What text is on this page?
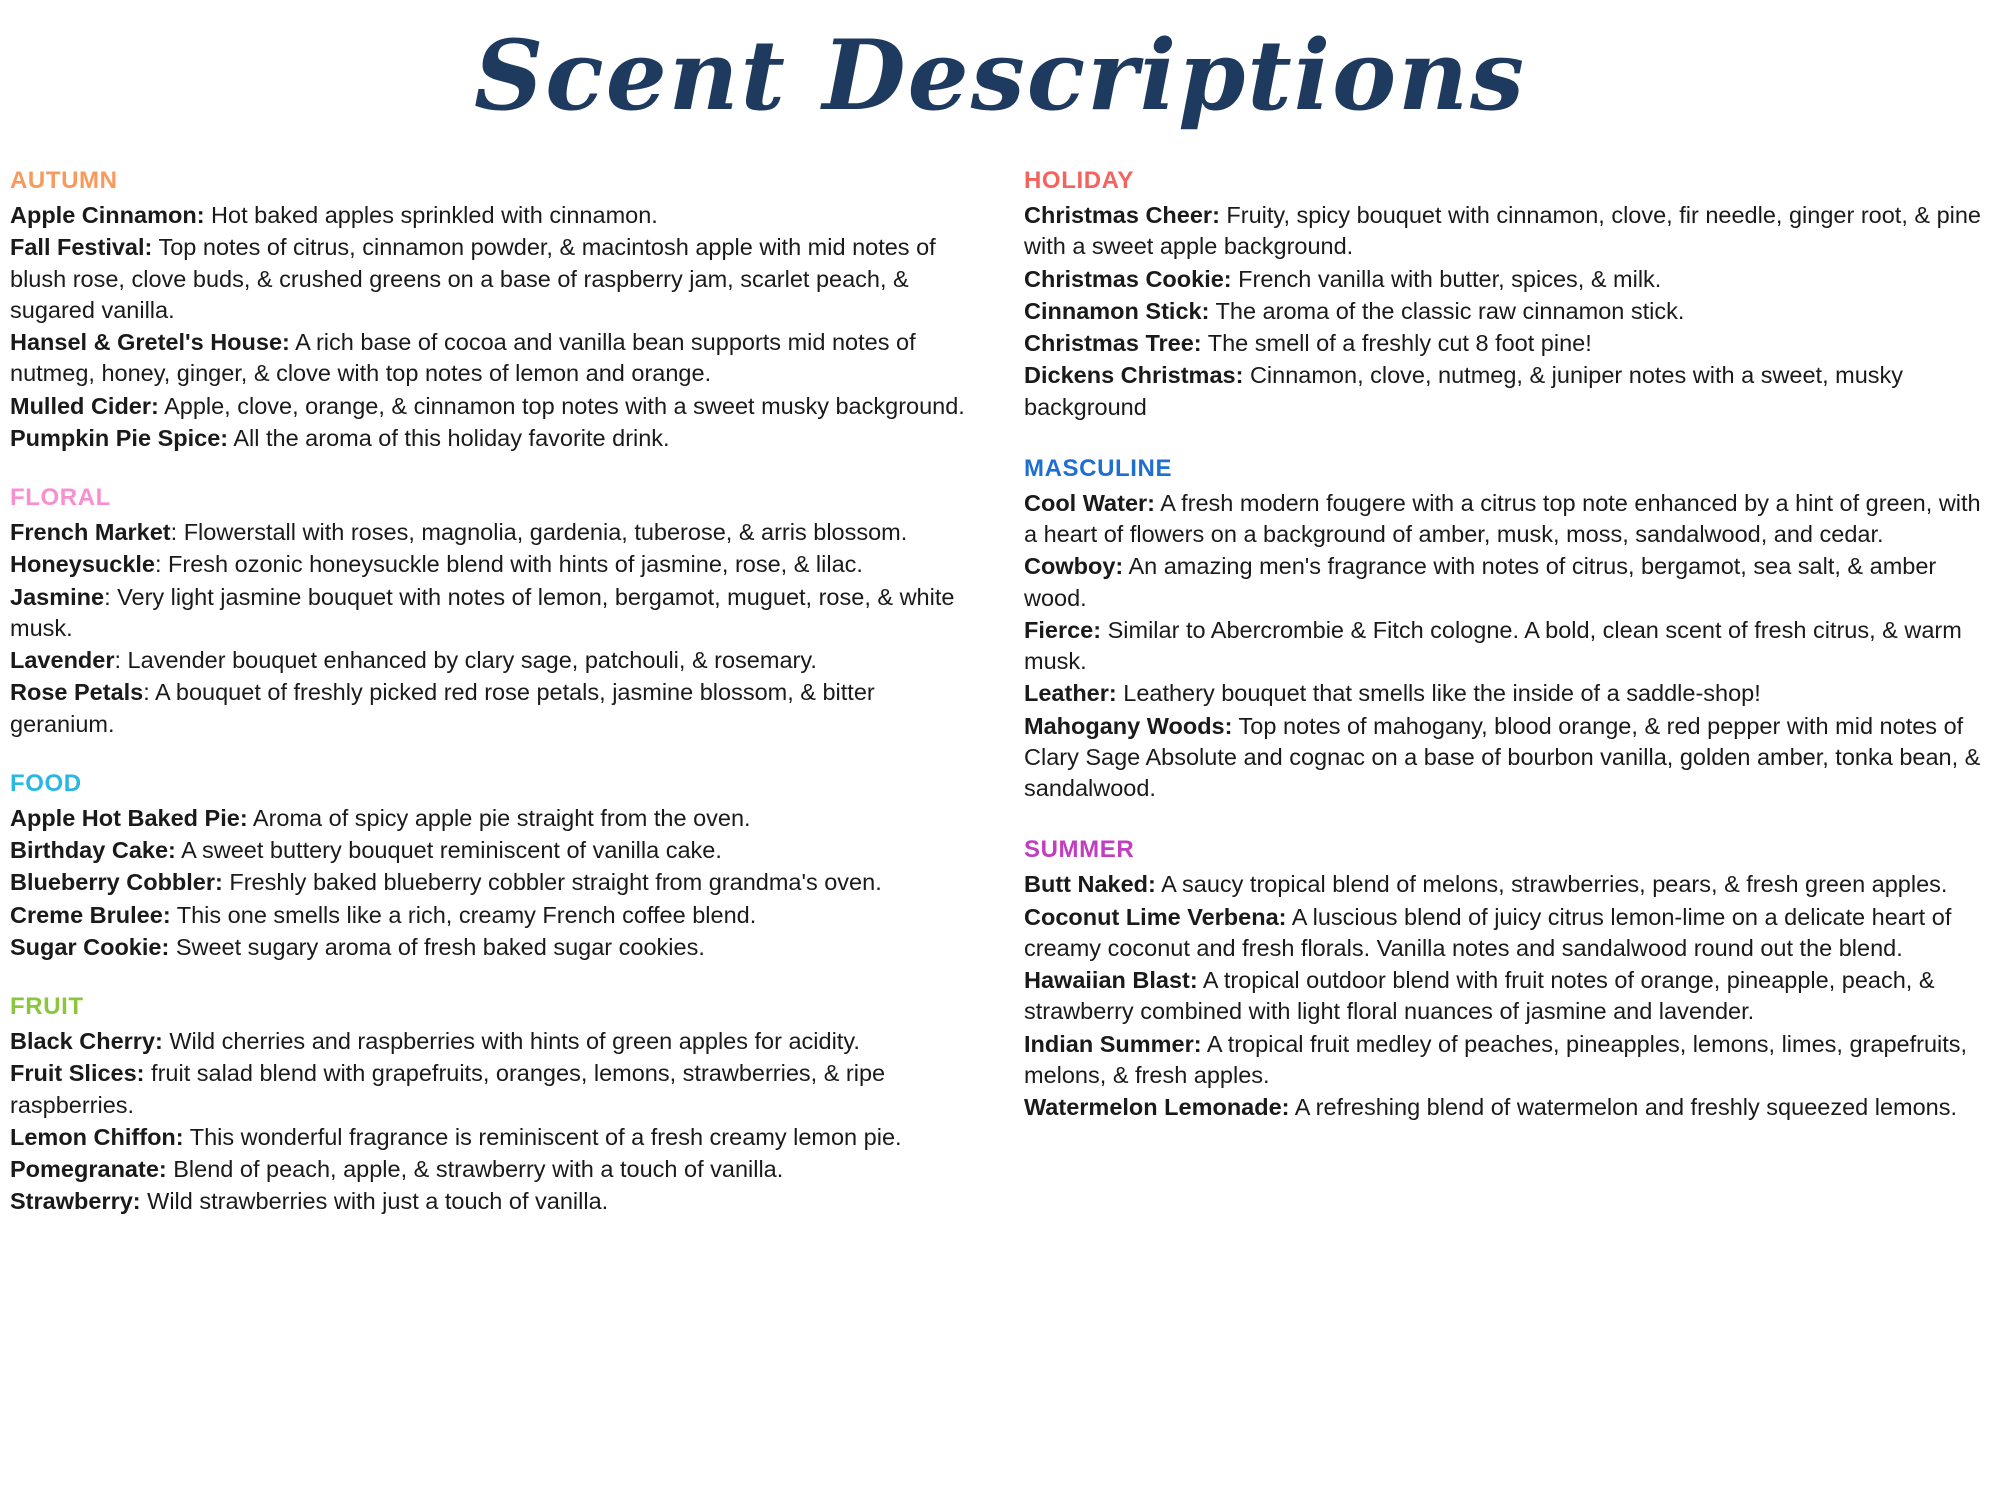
Scent Descriptions
AUTUMN
Apple Cinnamon: Hot baked apples sprinkled with cinnamon.
Fall Festival: Top notes of citrus, cinnamon powder, & macintosh apple with mid notes of blush rose, clove buds, & crushed greens on a base of raspberry jam, scarlet peach, & sugared vanilla.
Hansel & Gretel's House: A rich base of cocoa and vanilla bean supports mid notes of nutmeg, honey, ginger, & clove with top notes of lemon and orange.
Mulled Cider: Apple, clove, orange, & cinnamon top notes with a sweet musky background.
Pumpkin Pie Spice: All the aroma of this holiday favorite drink.
FLORAL
French Market: Flowerstall with roses, magnolia, gardenia, tuberose, & arris blossom.
Honeysuckle: Fresh ozonic honeysuckle blend with hints of jasmine, rose, & lilac.
Jasmine: Very light jasmine bouquet with notes of lemon, bergamot, muguet, rose, & white musk.
Lavender: Lavender bouquet enhanced by clary sage, patchouli, & rosemary.
Rose Petals: A bouquet of freshly picked red rose petals, jasmine blossom, & bitter geranium.
FOOD
Apple Hot Baked Pie: Aroma of spicy apple pie straight from the oven.
Birthday Cake: A sweet buttery bouquet reminiscent of vanilla cake.
Blueberry Cobbler: Freshly baked blueberry cobbler straight from grandma's oven.
Creme Brulee: This one smells like a rich, creamy French coffee blend.
Sugar Cookie: Sweet sugary aroma of fresh baked sugar cookies.
FRUIT
Black Cherry: Wild cherries and raspberries with hints of green apples for acidity.
Fruit Slices: fruit salad blend with grapefruits, oranges, lemons, strawberries, & ripe raspberries.
Lemon Chiffon: This wonderful fragrance is reminiscent of a fresh creamy lemon pie.
Pomegranate: Blend of peach, apple, & strawberry with a touch of vanilla.
Strawberry: Wild strawberries with just a touch of vanilla.
HOLIDAY
Christmas Cheer: Fruity, spicy bouquet with cinnamon, clove, fir needle, ginger root, & pine with a sweet apple background.
Christmas Cookie: French vanilla with butter, spices, & milk.
Cinnamon Stick: The aroma of the classic raw cinnamon stick.
Christmas Tree: The smell of a freshly cut 8 foot pine!
Dickens Christmas: Cinnamon, clove, nutmeg, & juniper notes with a sweet, musky background
MASCULINE
Cool Water: A fresh modern fougere with a citrus top note enhanced by a hint of green, with a heart of flowers on a background of amber, musk, moss, sandalwood, and cedar.
Cowboy: An amazing men's fragrance with notes of citrus, bergamot, sea salt, & amber wood.
Fierce: Similar to Abercrombie & Fitch cologne. A bold, clean scent of fresh citrus, & warm musk.
Leather: Leathery bouquet that smells like the inside of a saddle-shop!
Mahogany Woods: Top notes of mahogany, blood orange, & red pepper with mid notes of Clary Sage Absolute and cognac on a base of bourbon vanilla, golden amber, tonka bean, & sandalwood.
SUMMER
Butt Naked: A saucy tropical blend of melons, strawberries, pears, & fresh green apples.
Coconut Lime Verbena: A luscious blend of juicy citrus lemon-lime on a delicate heart of creamy coconut and fresh florals. Vanilla notes and sandalwood round out the blend.
Hawaiian Blast: A tropical outdoor blend with fruit notes of orange, pineapple, peach, & strawberry combined with light floral nuances of jasmine and lavender.
Indian Summer: A tropical fruit medley of peaches, pineapples, lemons, limes, grapefruits, melons, & fresh apples.
Watermelon Lemonade: A refreshing blend of watermelon and freshly squeezed lemons.
